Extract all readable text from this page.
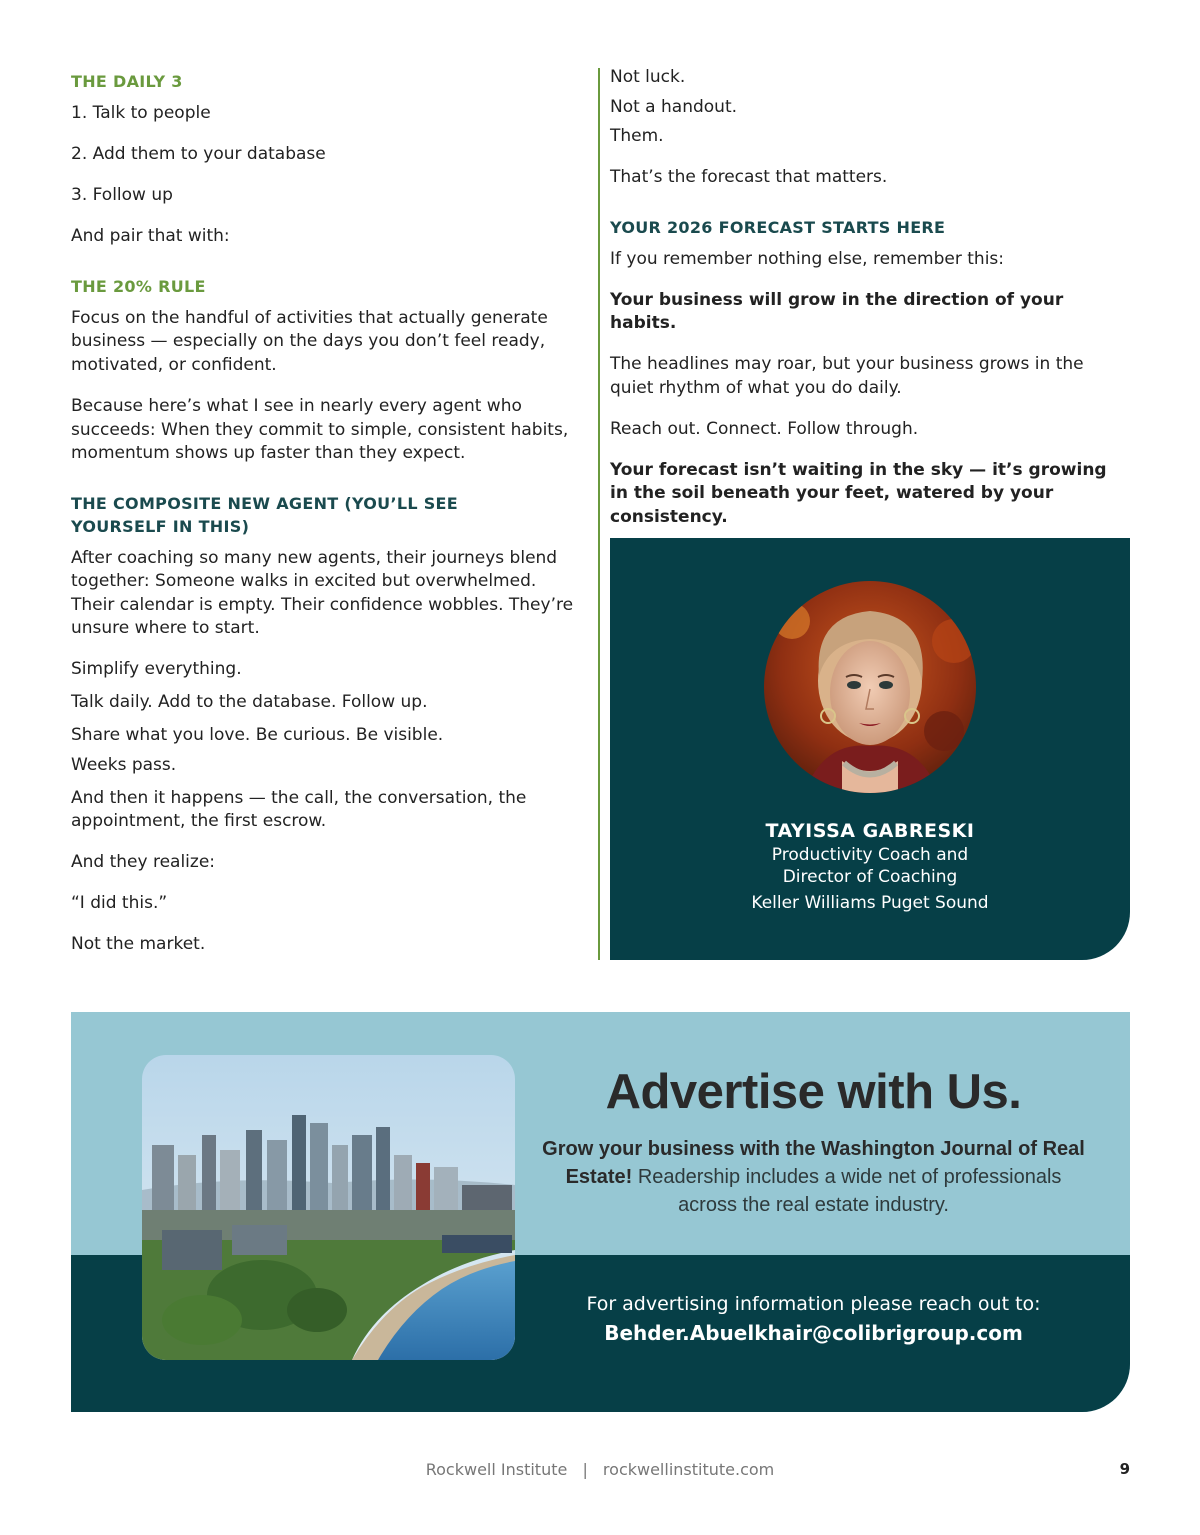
THE DAILY 3

1. Talk to people

2. Add them to your database

3. Follow up

And pair that with:

THE 20% RULE

Focus on the handful of activities that actually generate business — especially on the days you don’t feel ready, motivated, or confident.

Because here’s what I see in nearly every agent who succeeds: When they commit to simple, consistent habits, momentum shows up faster than they expect.

THE COMPOSITE NEW AGENT (YOU’LL SEE YOURSELF IN THIS)

After coaching so many new agents, their journeys blend together: Someone walks in excited but overwhelmed. Their calendar is empty. Their confidence wobbles. They’re unsure where to start.

Simplify everything.

Talk daily. Add to the database. Follow up.

Share what you love. Be curious. Be visible.

Weeks pass.

And then it happens — the call, the conversation, the appointment, the first escrow.

And they realize:

“I did this.”

Not the market.

Not luck.

Not a handout.

Them.

That’s the forecast that matters.

YOUR 2026 FORECAST STARTS HERE

If you remember nothing else, remember this:

Your business will grow in the direction of your habits.

The headlines may roar, but your business grows in the quiet rhythm of what you do daily.

Reach out. Connect. Follow through.

Your forecast isn’t waiting in the sky — it’s growing in the soil beneath your feet, watered by your consistency.

TAYISSA GABRESKI
Productivity Coach and
Director of Coaching
Keller Williams Puget Sound
Advertise with Us.
Grow your business with the Washington Journal of Real Estate! Readership includes a wide net of professionals across the real estate industry.
For advertising information please reach out to:
Behder.Abuelkhair@colibrigroup.com
Rockwell Institute | rockwellinstitute.com	9
